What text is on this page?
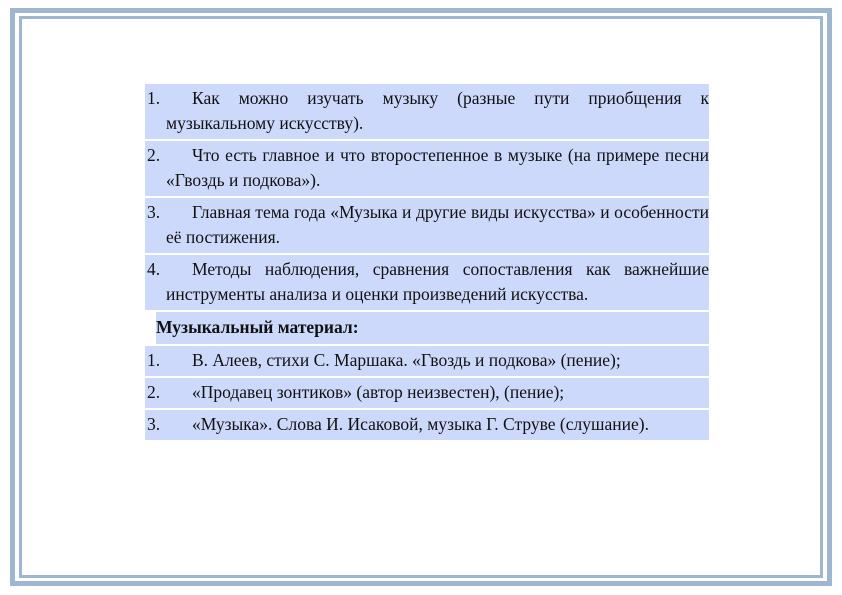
1.	Как можно изучать музыку (разные пути приобщения к музыкальному искусству).
2.	Что есть главное и что второстепенное в музыке (на примере песни «Гвоздь и подкова»).
3.	Главная тема года «Музыка и другие виды искусства» и особенности её постижения.
4.	Методы наблюдения, сравнения сопоставления как важнейшие инструменты анализа и оценки произведений искусства.
Музыкальный материал:
1.	В. Алеев, стихи С. Маршака. «Гвоздь и подкова» (пение);
2.	«Продавец зонтиков» (автор неизвестен), (пение);
3.	«Музыка». Слова И. Исаковой, музыка Г. Струве (слушание).
